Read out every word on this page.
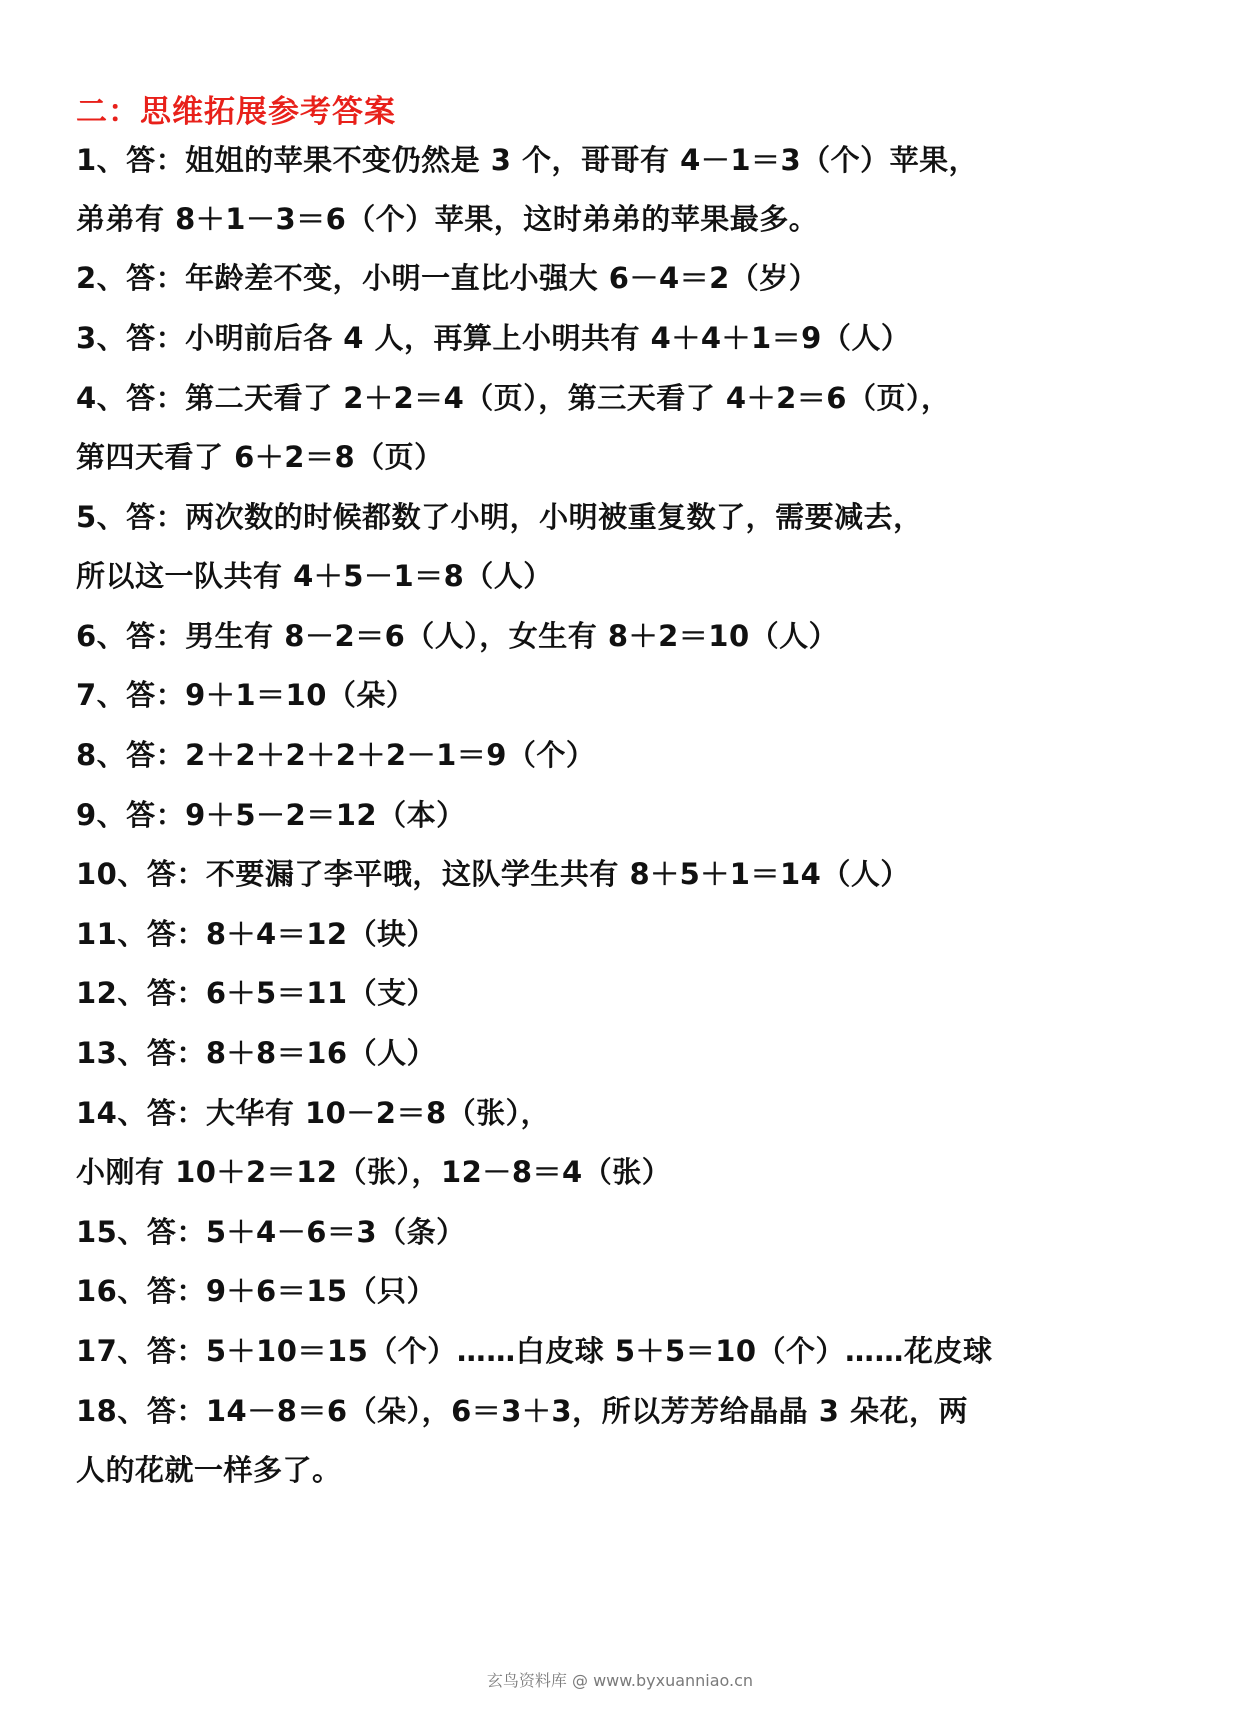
二：思维拓展参考答案
1、答：姐姐的苹果不变仍然是 3 个，哥哥有 4－1＝3（个）苹果，
弟弟有 8＋1－3＝6（个）苹果，这时弟弟的苹果最多。
2、答：年龄差不变，小明一直比小强大 6－4＝2（岁）
3、答：小明前后各 4 人，再算上小明共有 4＋4＋1＝9（人）
4、答：第二天看了 2＋2＝4（页），第三天看了 4＋2＝6（页），
第四天看了 6＋2＝8（页）
5、答：两次数的时候都数了小明，小明被重复数了，需要减去，
所以这一队共有 4＋5－1＝8（人）
6、答：男生有 8－2＝6（人），女生有 8＋2＝10（人）
7、答：9＋1＝10（朵）
8、答：2＋2＋2＋2＋2－1＝9（个）
9、答：9＋5－2＝12（本）
10、答：不要漏了李平哦，这队学生共有 8＋5＋1＝14（人）
11、答：8＋4＝12（块）
12、答：6＋5＝11（支）
13、答：8＋8＝16（人）
14、答：大华有 10－2＝8（张），
小刚有 10＋2＝12（张），12－8＝4（张）
15、答：5＋4－6＝3（条）
16、答：9＋6＝15（只）
17、答：5＋10＝15（个）……白皮球 5＋5＝10（个）……花皮球
18、答：14－8＝6（朵），6＝3＋3，所以芳芳给晶晶 3 朵花，两
人的花就一样多了。
玄鸟资料库 @ www.byxuanniao.cn
